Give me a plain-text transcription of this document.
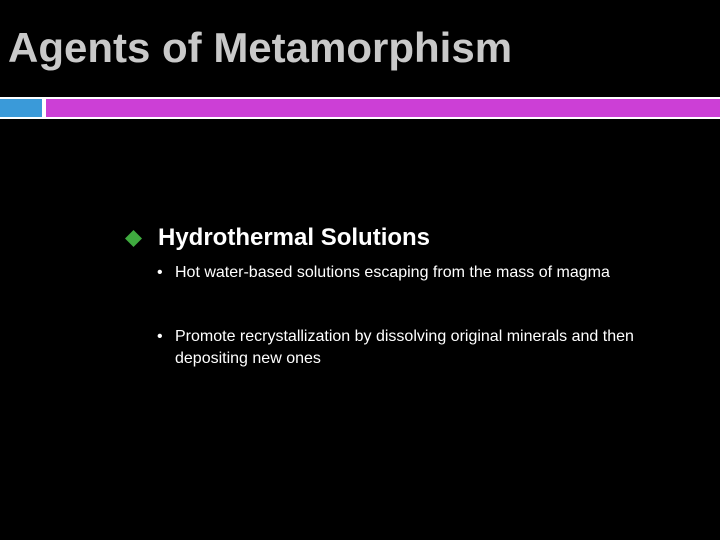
Agents of Metamorphism
Hydrothermal Solutions
• Hot water-based solutions escaping from the mass of magma
• Promote recrystallization by dissolving original minerals and then depositing new ones
